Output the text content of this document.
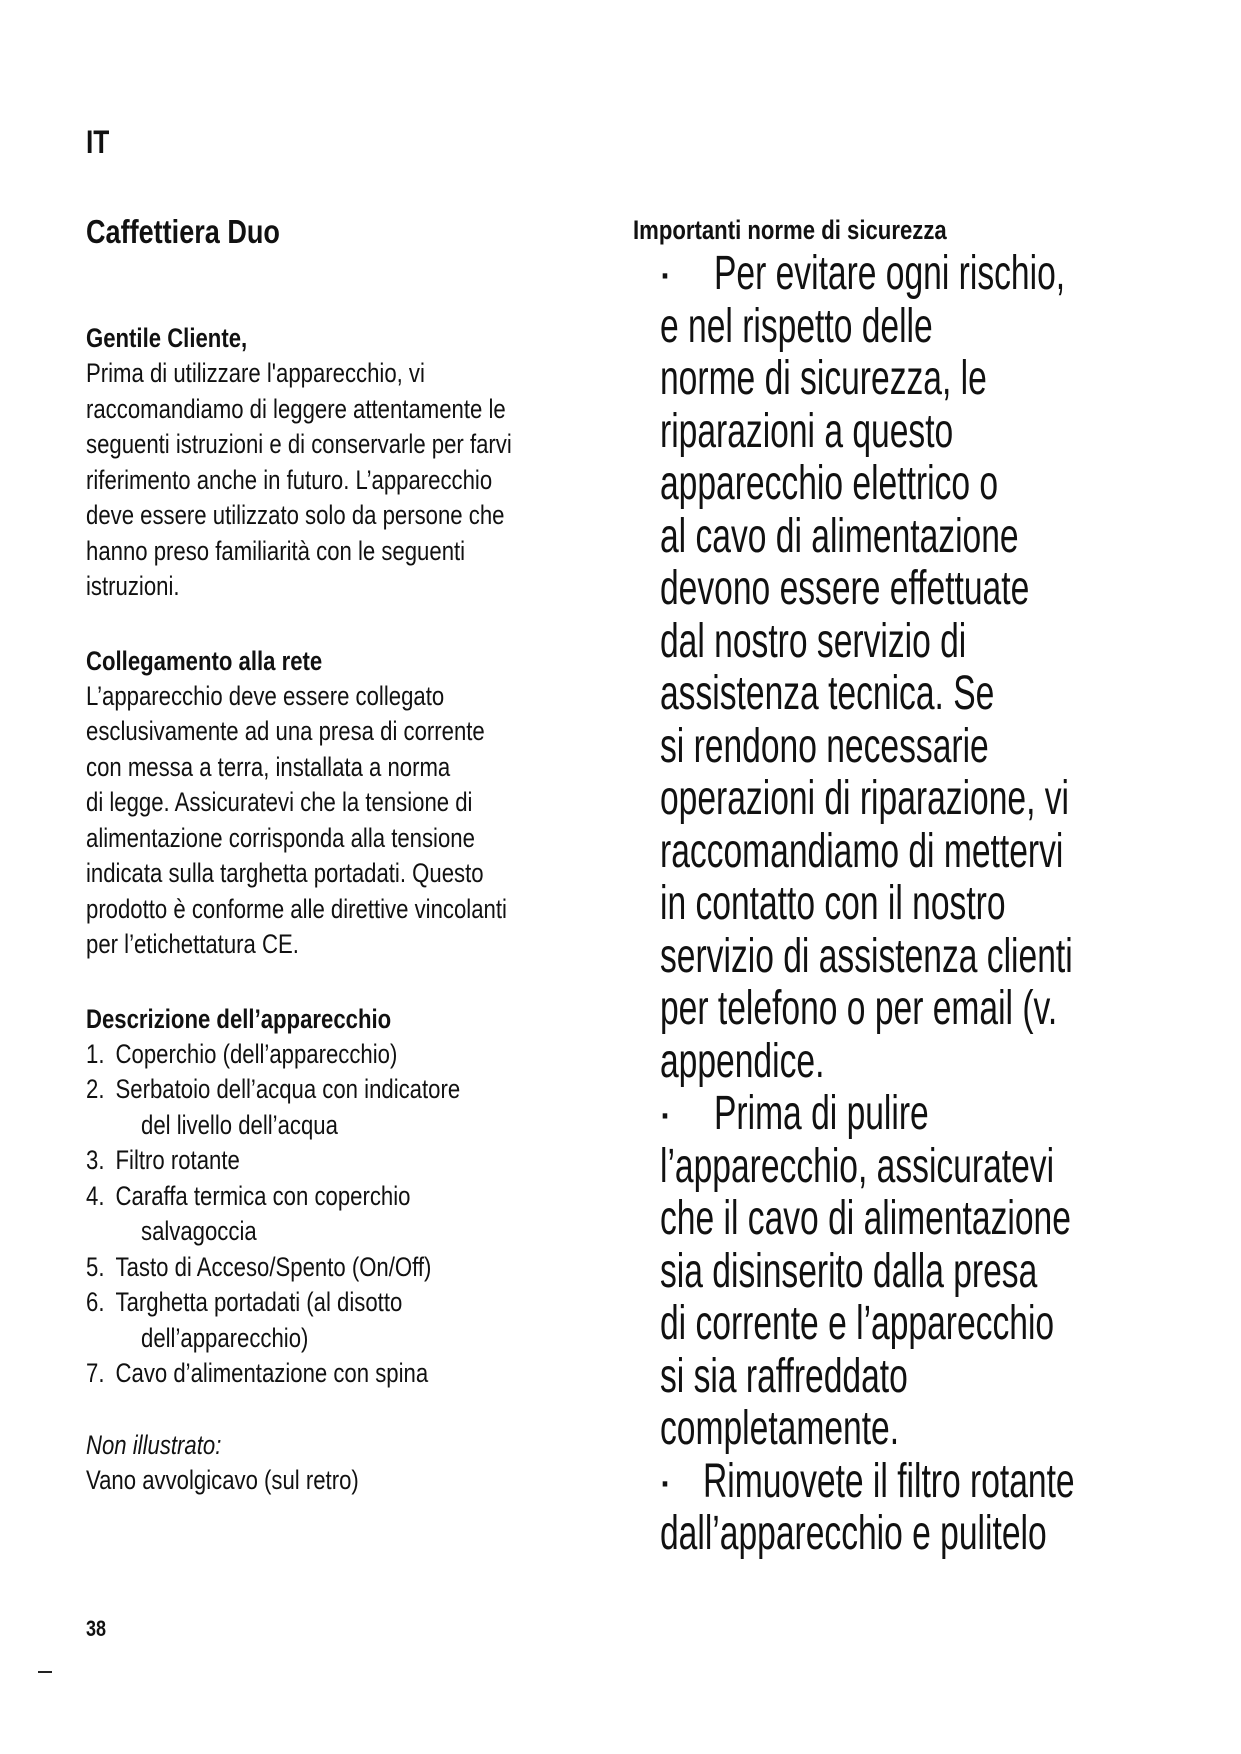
IT
Caffettiera Duo
Gentile Cliente,
Prima di utilizzare l'apparecchio, vi
raccomandiamo di leggere attentamente le
seguenti istruzioni e di conservarle per farvi
riferimento anche in futuro. L’apparecchio
deve essere utilizzato solo da persone che
hanno preso familiarità con le seguenti
istruzioni.
Collegamento alla rete
L’apparecchio deve essere collegato
esclusivamente ad una presa di corrente
con messa a terra, installata a norma
di legge. Assicuratevi che la tensione di
alimentazione corrisponda alla tensione
indicata sulla targhetta portadati. Questo
prodotto è conforme alle direttive vincolanti
per l’etichettatura CE.
Descrizione dell’apparecchio
1. Coperchio (dell’apparecchio)
2. Serbatoio dell’acqua con indicatore
del livello dell’acqua
3. Filtro rotante
4. Caraffa termica con coperchio
salvagoccia
5. Tasto di Acceso/Spento (On/Off)
6. Targhetta portadati (al disotto
dell’apparecchio)
7. Cavo d’alimentazione con spina
Non illustrato:
Vano avvolgicavo (sul retro)
Importanti norme di sicurezza
· Per evitare ogni rischio,
e nel rispetto delle
norme di sicurezza, le
riparazioni a questo
apparecchio elettrico o
al cavo di alimentazione
devono essere effettuate
dal nostro servizio di
assistenza tecnica. Se
si rendono necessarie
operazioni di riparazione, vi
raccomandiamo di mettervi
in contatto con il nostro
servizio di assistenza clienti
per telefono o per email (v.
appendice.
· Prima di pulire
l’apparecchio, assicuratevi
che il cavo di alimentazione
sia disinserito dalla presa
di corrente e l’apparecchio
si sia raffreddato
completamente.
· Rimuovete il filtro rotante
dall’apparecchio e pulitelo
38
